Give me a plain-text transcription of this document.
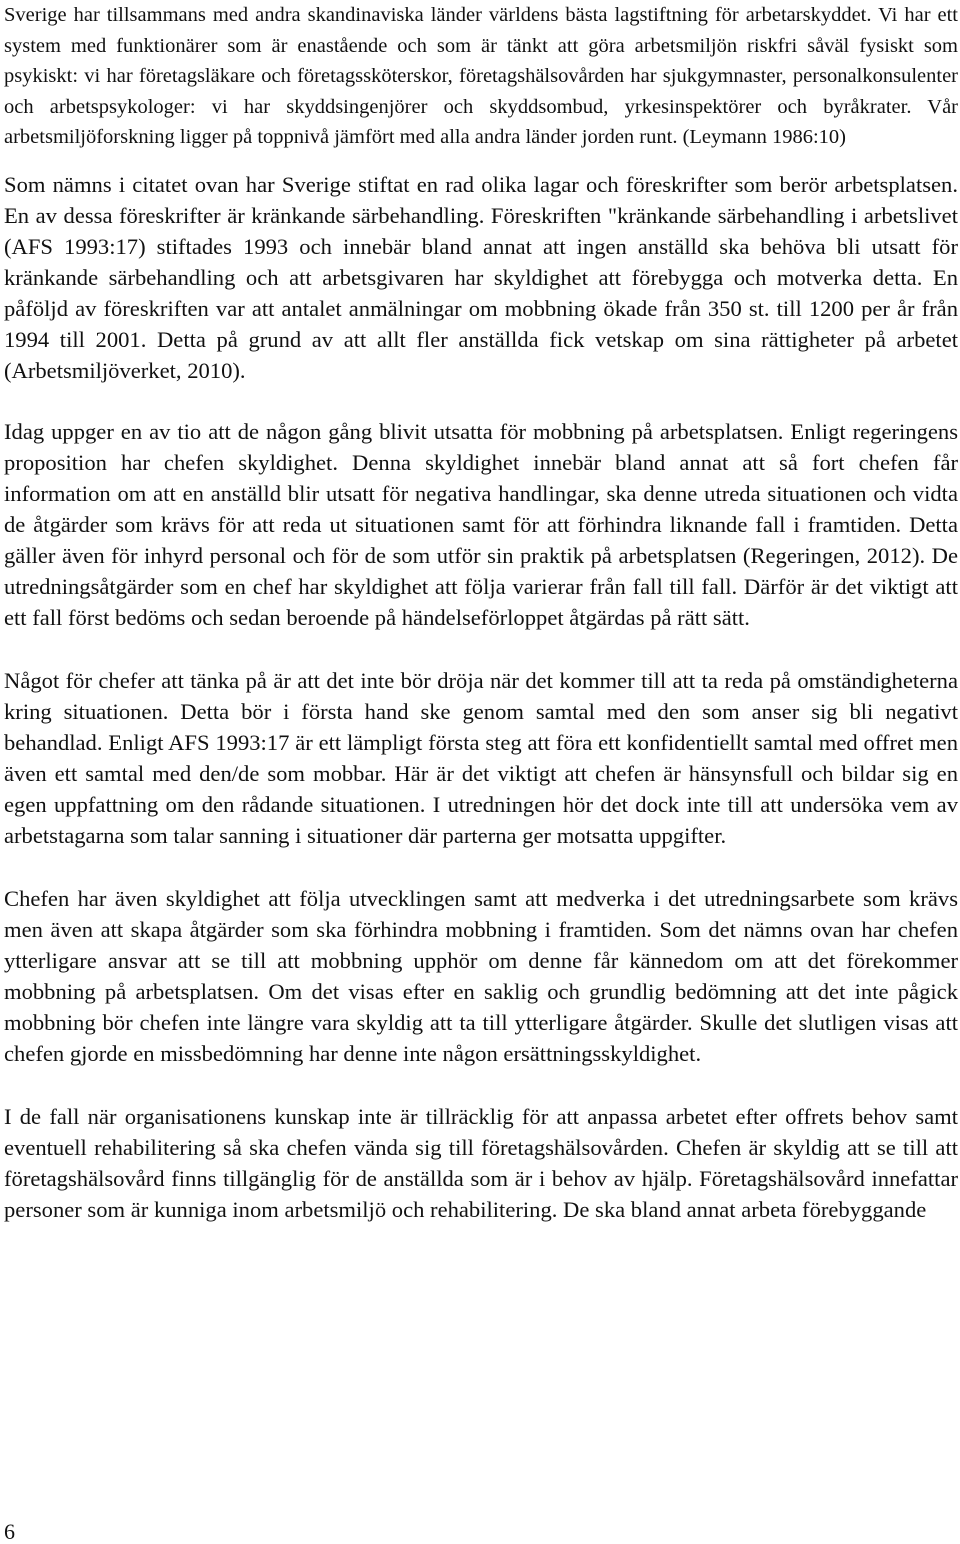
Sverige har tillsammans med andra skandinaviska länder världens bästa lagstiftning för arbetarskyddet. Vi har ett system med funktionärer som är enastående och som är tänkt att göra arbetsmiljön riskfri såväl fysiskt som psykiskt: vi har företagsläkare och företagssköterskor, företagshälsovården har sjukgymnaster, personalkonsulenter och arbetspsykologer: vi har skyddsingenjörer och skyddsombud, yrkesinspektörer och byråkrater. Vår arbetsmiljöforskning ligger på toppnivå jämfört med alla andra länder jorden runt. (Leymann 1986:10)

Som nämns i citatet ovan har Sverige stiftat en rad olika lagar och föreskrifter som berör arbetsplatsen. En av dessa föreskrifter är kränkande särbehandling. Föreskriften "kränkande särbehandling i arbetslivet (AFS 1993:17) stiftades 1993 och innebär bland annat att ingen anställd ska behöva bli utsatt för kränkande särbehandling och att arbetsgivaren har skyldighet att förebygga och motverka detta. En påföljd av föreskriften var att antalet anmälningar om mobbning ökade från 350 st. till 1200 per år från 1994 till 2001. Detta på grund av att allt fler anställda fick vetskap om sina rättigheter på arbetet (Arbetsmiljöverket, 2010).

Idag uppger en av tio att de någon gång blivit utsatta för mobbning på arbetsplatsen. Enligt regeringens proposition har chefen skyldighet. Denna skyldighet innebär bland annat att så fort chefen får information om att en anställd blir utsatt för negativa handlingar, ska denne utreda situationen och vidta de åtgärder som krävs för att reda ut situationen samt för att förhindra liknande fall i framtiden. Detta gäller även för inhyrd personal och för de som utför sin praktik på arbetsplatsen (Regeringen, 2012). De utredningsåtgärder som en chef har skyldighet att följa varierar från fall till fall. Därför är det viktigt att ett fall först bedöms och sedan beroende på händelseförloppet åtgärdas på rätt sätt.

Något för chefer att tänka på är att det inte bör dröja när det kommer till att ta reda på omständigheterna kring situationen. Detta bör i första hand ske genom samtal med den som anser sig bli negativt behandlad. Enligt AFS 1993:17 är ett lämpligt första steg att föra ett konfidentiellt samtal med offret men även ett samtal med den/de som mobbar. Här är det viktigt att chefen är hänsynsfull och bildar sig en egen uppfattning om den rådande situationen. I utredningen hör det dock inte till att undersöka vem av arbetstagarna som talar sanning i situationer där parterna ger motsatta uppgifter.

Chefen har även skyldighet att följa utvecklingen samt att medverka i det utredningsarbete som krävs men även att skapa åtgärder som ska förhindra mobbning i framtiden. Som det nämns ovan har chefen ytterligare ansvar att se till att mobbning upphör om denne får kännedom om att det förekommer mobbning på arbetsplatsen. Om det visas efter en saklig och grundlig bedömning att det inte pågick mobbning bör chefen inte längre vara skyldig att ta till ytterligare åtgärder. Skulle det slutligen visas att chefen gjorde en missbedömning har denne inte någon ersättningsskyldighet.

I de fall när organisationens kunskap inte är tillräcklig för att anpassa arbetet efter offrets behov samt eventuell rehabilitering så ska chefen vända sig till företagshälsovården. Chefen är skyldig att se till att företagshälsovård finns tillgänglig för de anställda som är i behov av hjälp. Företagshälsovård innefattar personer som är kunniga inom arbetsmiljö och rehabilitering. De ska bland annat arbeta förebyggande

6
